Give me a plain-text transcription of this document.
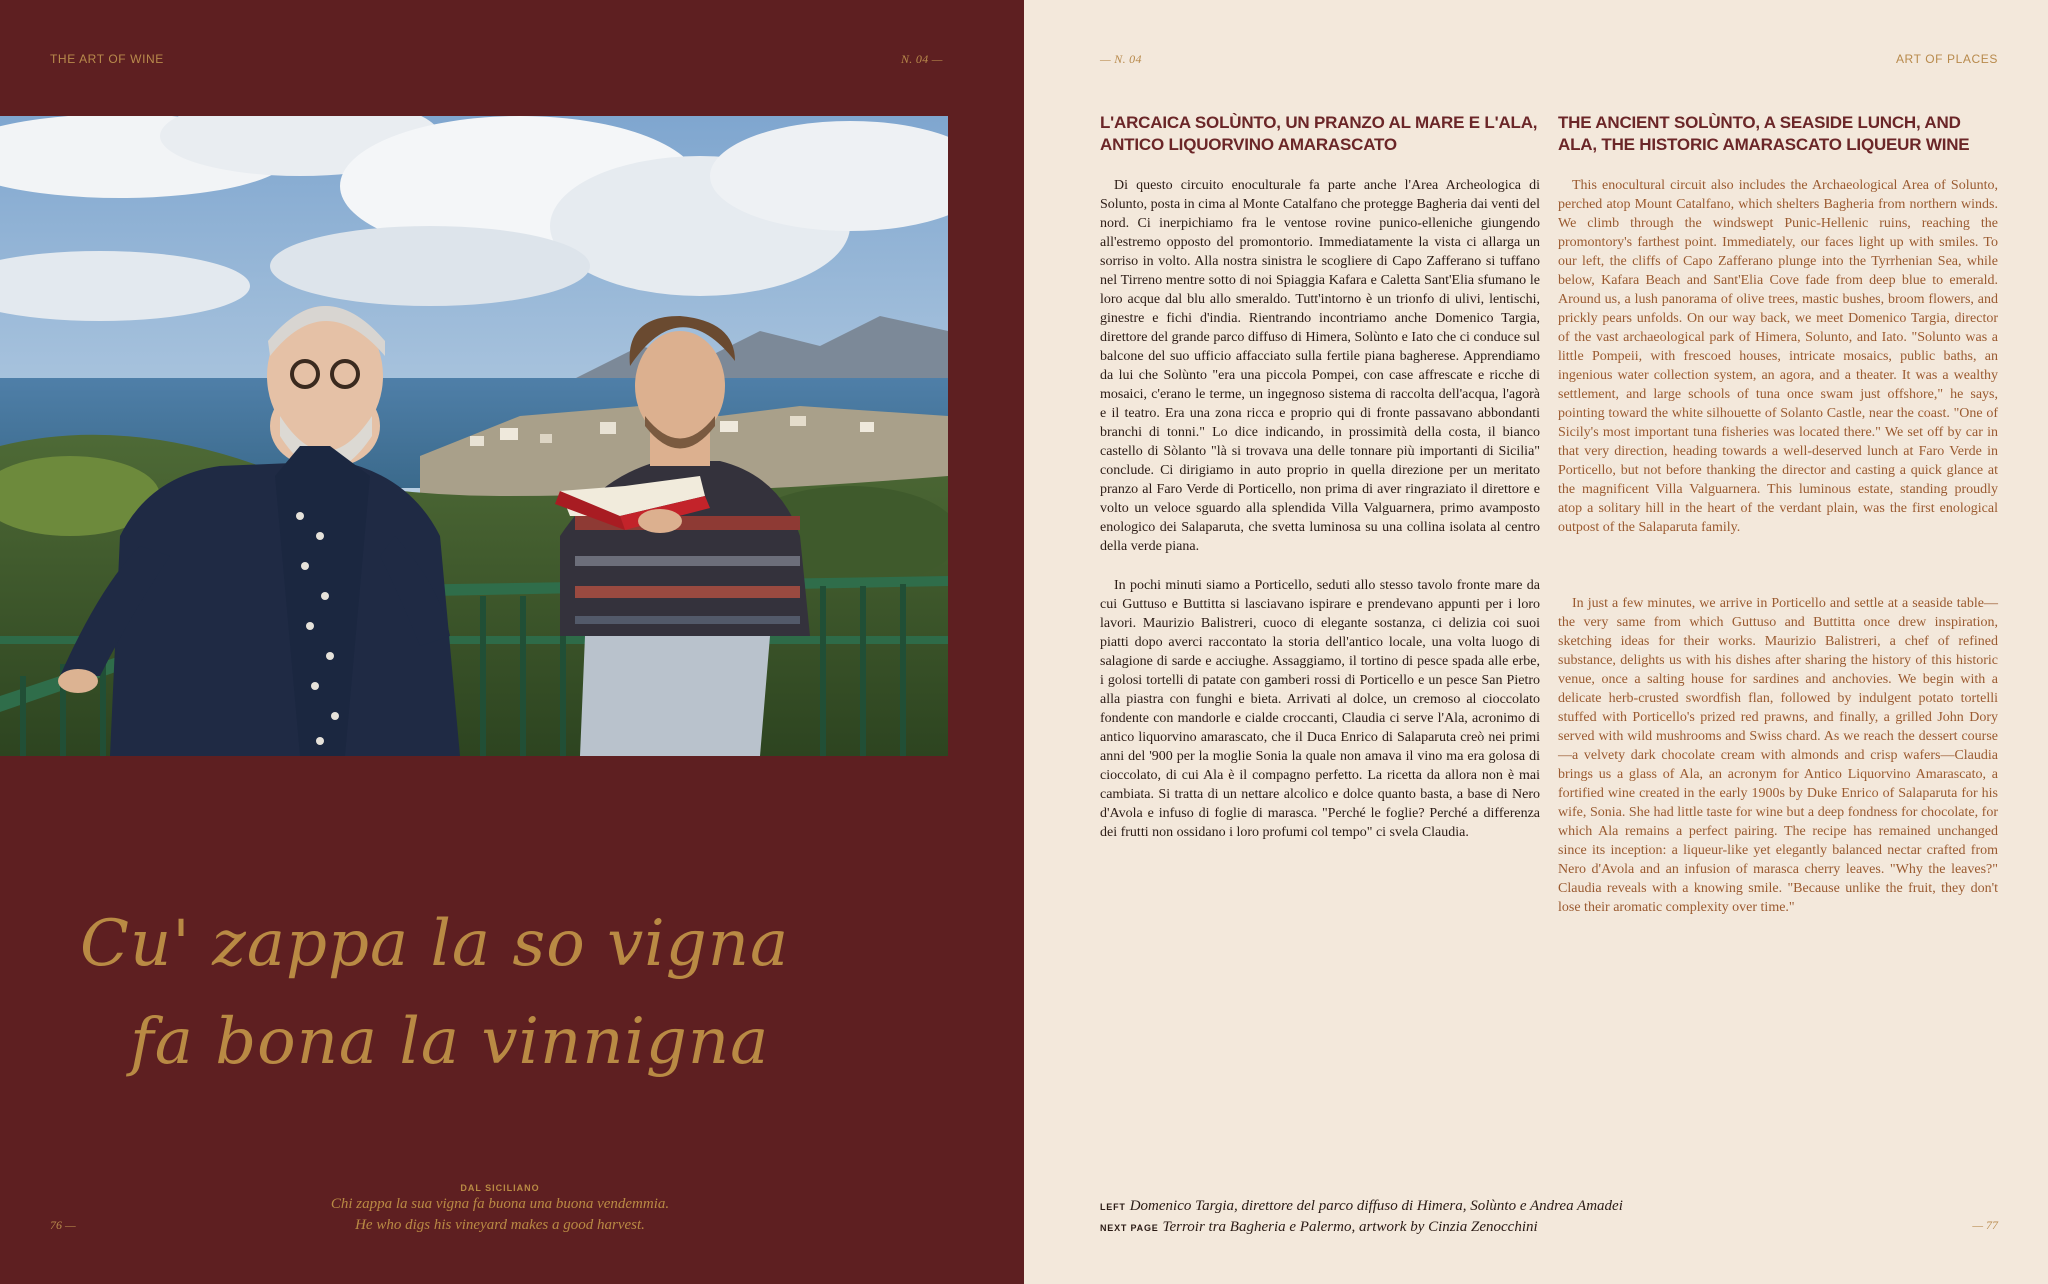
THE ART OF WINE	N. 04 —
Cu' zappa la so vigna
fa bona la vinnigna
DAL SICILIANO
Chi zappa la sua vigna fa buona una buona vendemmia.
He who digs his vineyard makes a good harvest.
76 —
— N. 04	ART OF PLACES
L'ARCAICA SOLÙNTO, UN PRANZO AL MARE E L'ALA, ANTICO LIQUORVINO AMARASCATO

Di questo circuito enoculturale fa parte anche l'Area Archeologica di Solunto, posta in cima al Monte Catalfano che protegge Bagheria dai venti del nord. Ci inerpichiamo fra le ventose rovine punico-elleniche giungendo all'estremo opposto del promontorio. Immediatamente la vista ci allarga un sorriso in volto. Alla nostra sinistra le scogliere di Capo Zafferano si tuffano nel Tirreno mentre sotto di noi Spiaggia Kafara e Caletta Sant'Elia sfumano le loro acque dal blu allo smeraldo. Tutt'intorno è un trionfo di ulivi, lentischi, ginestre e fichi d'india. Rientrando incontriamo anche Domenico Targia, direttore del grande parco diffuso di Himera, Solùnto e Iato che ci conduce sul balcone del suo ufficio affacciato sulla fertile piana bagherese. Apprendiamo da lui che Solùnto "era una piccola Pompei, con case affrescate e ricche di mosaici, c'erano le terme, un ingegnoso sistema di raccolta dell'acqua, l'agorà e il teatro. Era una zona ricca e proprio qui di fronte passavano abbondanti branchi di tonni." Lo dice indicando, in prossimità della costa, il bianco castello di Sòlanto "là si trovava una delle tonnare più importanti di Sicilia" concludе. Ci dirigiamo in auto proprio in quella direzione per un meritato pranzo al Faro Verde di Porticello, non prima di aver ringraziato il direttore e volto un veloce sguardo alla splendida Villa Valguarnera, primo avamposto enologico dei Salaparuta, che svetta luminosa su una collina isolata al centro della verde piana.

In pochi minuti siamo a Porticello, seduti allo stesso tavolo fronte mare da cui Guttuso e Buttitta si lasciavano ispirare e prendevano appunti per i loro lavori. Maurizio Balistreri, cuoco di elegante sostanza, ci delizia coi suoi piatti dopo averci raccontato la storia dell'antico locale, una volta luogo di salagione di sarde e acciughe. Assaggiamo, il tortino di pesce spada alle erbe, i golosi tortelli di patate con gamberi rossi di Porticello e un pesce San Pietro alla piastra con funghi e bieta. Arrivati al dolce, un cremoso al cioccolato fondente con mandorle e cialde croccanti, Claudia ci serve l'Ala, acronimo di antico liquorvino amarascato, che il Duca Enrico di Salaparuta creò nei primi anni del '900 per la moglie Sonia la quale non amava il vino ma era golosa di cioccolato, di cui Ala è il compagno perfetto. La ricetta da allora non è mai cambiata. Si tratta di un nettare alcolico e dolce quanto basta, a base di Nero d'Avola e infuso di foglie di marasca. "Perché le foglie? Perché a differenza dei frutti non ossidano i loro profumi col tempo" ci svela Claudia.

THE ANCIENT SOLÙNTO, A SEASIDE LUNCH, AND ALA, THE HISTORIC AMARASCATO LIQUEUR WINE

This enocultural circuit also includes the Archaeological Area of Solunto, perched atop Mount Catalfano, which shelters Bagheria from northern winds. We climb through the windswept Punic-Hellenic ruins, reaching the promontory's farthest point. Immediately, our faces light up with smiles. To our left, the cliffs of Capo Zafferano plunge into the Tyrrhenian Sea, while below, Kafara Beach and Sant'Elia Cove fade from deep blue to emerald. Around us, a lush panorama of olive trees, mastic bushes, broom flowers, and prickly pears unfolds. On our way back, we meet Domenico Targia, director of the vast archaeological park of Himera, Solunto, and Iato. "Solunto was a little Pompeii, with frescoed houses, intricate mosaics, public baths, an ingenious water collection system, an agora, and a theater. It was a wealthy settlement, and large schools of tuna once swam just offshore," he says, pointing toward the white silhouette of Solanto Castle, near the coast. "One of Sicily's most important tuna fisheries was located there." We set off by car in that very direction, heading towards a well-deserved lunch at Faro Verde in Porticello, but not before thanking the director and casting a quick glance at the magnificent Villa Valguarnera. This luminous estate, standing proudly atop a solitary hill in the heart of the verdant plain, was the first enological outpost of the Salaparuta family.

In just a few minutes, we arrive in Porticello and settle at a seaside table—the very same from which Guttuso and Buttitta once drew inspiration, sketching ideas for their works. Maurizio Balistreri, a chef of refined substance, delights us with his dishes after sharing the history of this historic venue, once a salting house for sardines and anchovies. We begin with a delicate herb-crusted swordfish flan, followed by indulgent potato tortelli stuffed with Porticello's prized red prawns, and finally, a grilled John Dory served with wild mushrooms and Swiss chard. As we reach the dessert course—a velvety dark chocolate cream with almonds and crisp wafers—Claudia brings us a glass of Ala, an acronym for Antico Liquorvino Amarascato, a fortified wine created in the early 1900s by Duke Enrico of Salaparuta for his wife, Sonia. She had little taste for wine but a deep fondness for chocolate, for which Ala remains a perfect pairing. The recipe has remained unchanged since its inception: a liqueur-like yet elegantly balanced nectar crafted from Nero d'Avola and an infusion of marasca cherry leaves. "Why the leaves?" Claudia reveals with a knowing smile. "Because unlike the fruit, they don't lose their aromatic complexity over time."

LEFT Domenico Targia, direttore del parco diffuso di Himera, Solùnto e Andrea Amadei
NEXT PAGE Terroir tra Bagheria e Palermo, artwork by Cinzia Zenocchini	— 77
